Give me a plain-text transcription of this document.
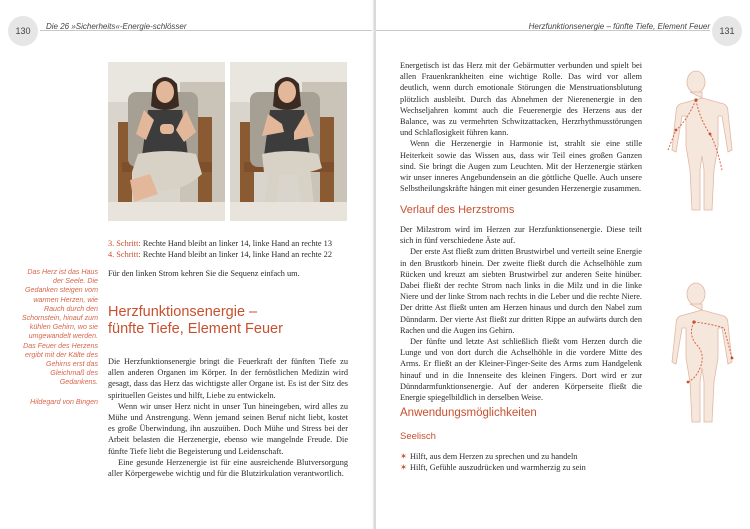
130	Die 26 »Sicherheits«-Energie-schlösser
3. Schritt: Rechte Hand bleibt an linker 14, linke Hand an rechte 13
4. Schritt: Rechte Hand bleibt an linker 14, linke Hand an rechte 22
Für den linken Strom kehren Sie die Sequenz einfach um.
Das Herz ist das Haus der Seele. Die Gedanken steigen vom warmen Herzen, wie Rauch durch den Schornstein, hinauf zum kühlen Gehirn, wo sie umgewandelt werden. Das Feuer des Herzens ergibt mit der Kälte des Gehirns erst das Gleichmaß des Gedankens.
Hildegard von Bingen
Herzfunktionsenergie –
fünfte Tiefe, Element Feuer

Die Herzfunktionsenergie bringt die Feuerkraft der fünften Tiefe zu allen anderen Organen im Körper. In der fernöstlichen Medizin wird gesagt, dass das Herz das wichtigste aller Organe ist. Es ist der Sitz des spirituellen Geistes und hilft, Liebe zu entwickeln.

Wenn wir unser Herz nicht in unser Tun hineingeben, wird alles zu Mühe und Anstrengung. Wenn jemand seinen Beruf nicht liebt, kostet es große Überwindung, ihn auszuüben. Doch Mühe und Stress bei der Arbeit belasten die Herzenergie, ebenso wie mangelnde Freude. Die fünfte Tiefe liebt die Begeisterung und Leidenschaft.

Eine gesunde Herzenergie ist für eine ausreichende Blutversorgung aller Körpergewebe wichtig und für die Blutzirkulation verantwortlich.

Herzfunktionsenergie – fünfte Tiefe, Element Feuer	131

Energetisch ist das Herz mit der Gebärmutter verbunden und spielt bei allen Frauenkrankheiten eine wichtige Rolle. Das wird vor allem deutlich, wenn durch emotionale Störungen die Menstruationsblutung plötzlich ausbleibt. Durch das Abnehmen der Nierenenergie in den Wechseljahren kommt auch die Feuerenergie des Herzens aus der Balance, was zu vermehrten Schwitzattacken, Herzrhythmusstörungen und Schlaflosigkeit führen kann.

Wenn die Herzenergie in Harmonie ist, strahlt sie eine stille Heiterkeit sowie das Wissen aus, dass wir Teil eines großen Ganzen sind. Sie bringt die Augen zum Leuchten. Mit der Herzenergie stärken wir unser inneres Angebundensein an die göttliche Quelle. Auch unsere Selbstheilungskräfte hängen mit einer gesunden Herzenergie zusammen.

Verlauf des Herzstroms

Der Milzstrom wird im Herzen zur Herzfunktionsenergie. Diese teilt sich in fünf verschiedene Äste auf.

Der erste Ast fließt zum dritten Brustwirbel und verteilt seine Energie in den Brustkorb hinein. Der zweite fließt durch die Achselhöhle zum Rücken und kreuzt am siebten Brustwirbel zur anderen Seite hinüber. Dabei fließt der rechte Strom nach links in die Milz und in die linke Niere und der linke Strom nach rechts in die Leber und die rechte Niere. Der dritte Ast fließt unten am Herzen hinaus und durch den Nabel zum Dünndarm. Der vierte Ast fließt zur dritten Rippe an aufwärts durch den Rachen und die Augen ins Gehirn.

Der fünfte und letzte Ast schließlich fließt vom Herzen durch die Lunge und von dort durch die Achselhöhle in die vordere Mitte des Arms. Er fließt an der Kleiner-Finger-Seite des Arms zum Handgelenk hinauf und in die Innenseite des kleinen Fingers. Dort wird er zur Dünndarmfunktionsenergie. Auf der anderen Körperseite fließt die Energie spiegelbildlich in derselben Weise.

Anwendungsmöglichkeiten
Seelisch
✶ Hilft, aus dem Herzen zu sprechen und zu handeln
✶ Hilft, Gefühle auszudrücken und warmherzig zu sein
